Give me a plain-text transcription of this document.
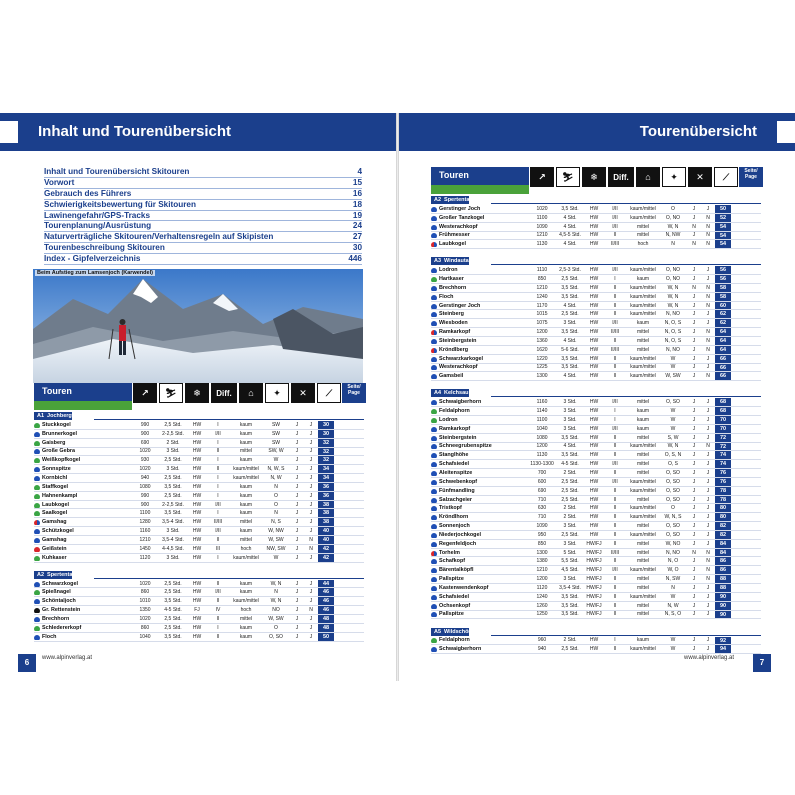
Inhalt und Tourenübersicht
Inhalt und Tourenübersicht Skitouren	4
Vorwort	15
Gebrauch des Führers	16
Schwierigkeitsbewertung für Skitouren	18
Lawinengefahr/GPS-Tracks	19
Tourenplanung/Ausrüstung	24
Naturverträgliche Skitouren/Verhaltensregeln auf Skipisten	27
Tourenbeschreibung Skitouren	30
Index - Gipfelverzeichnis	446
Beim Aufstieg zum Lamsenjoch (Karwendel)
Touren	↗	⛷	❄	Diff.	⌂	✦	✕	⟋
Seite/ Page
A1 Jochbergtal
Stuckkogel	990	2,5 Std.	HW	I	kaum	SW	J	J	30
Brunnerkogel	900	2-2,5 Std.	HW	I/II	kaum	SW	J	J	30
Gaisberg	690	2 Std.	HW	I	kaum	SW	J	J	32
Große Gebra	1020	3 Std.	HW	II	mittel	SW, W	J	J	32
Weißkopfkogel	930	2,5 Std.	HW	I	kaum	W	J	J	32
Sonnspitze	1020	3 Std.	HW	II	kaum/mittel	N, W, S	J	J	34
Kornbichl	940	2,5 Std.	HW	I	kaum/mittel	N, W	J	J	34
Staffkogel	1080	3,5 Std.	HW	I	kaum	N	J	J	36
Hahnenkampl	990	2,5 Std.	HW	I	kaum	O	J	J	36
Laubkogel	900	2-2,5 Std.	HW	I/II	kaum	O	J	J	38
Saalkogel	1100	3,5 Std.	HW	I	kaum	N	J	J	38
Gamshag	1280	3,5-4 Std.	HW	II/III	mittel	N, S	J	J	38
Schützkogel	1160	3 Std.	HW	I/II	kaum	W, NW	J	J	40
Gamshag	1210	3,5-4 Std.	HW	II	mittel	W, SW	J	N	40
Geißstein	1450	4-4,5 Std.	HW	III	hoch	NW, SW	J	N	42
Kuhkaser	1120	3 Std.	HW	I	kaum/mittel	W	J	J	42
A2 Spertental
Schwarzkogel	1020	2,5 Std.	HW	II	kaum	W, N	J	J	44
Spießnagel	860	2,5 Std.	HW	I/II	kaum	N	J	J	46
Schöntaljoch	1010	3,5 Std.	HW	II	kaum/mittel	W, N	J	J	46
Gr. Rettenstein	1350	4-5 Std.	FJ	IV	hoch	NO	J	N	46
Brechhorn	1020	2,5 Std.	HW	II	mittel	W, SW	J	J	48
Schledererkopf	860	2,5 Std.	HW	I	kaum	O	J	J	48
Floch	1040	3,5 Std.	HW	II	kaum	O, SO	J	J	50
6	www.alpinverlag.at
Tourenübersicht
Touren	↗	⛷	❄	Diff.	⌂	✦	✕	⟋
Seite/ Page
A2 Spertental
Gerstinger Joch	1020	3,5 Std.	HW	I/II	kaum/mittel	O	J	J	50
Großer Tanzkogel	1100	4 Std.	HW	I/II	kaum/mittel	O, NO	J	N	52
Westerachkopf	1090	4 Std.	HW	I/II	mittel	W, N	N	N	54
Frühmesser	1210	4,5-5 Std.	HW	II	mittel	N, NW	J	N	54
Laubkogel	1130	4 Std.	HW	II/III	hoch	N	N	N	54
A3 Windautal
Lodron	1110	2,5-3 Std.	HW	I/II	kaum/mittel	O, NO	J	J	56
Hartkaser	850	2,5 Std.	HW	I	kaum	O, NO	J	J	56
Brechhorn	1210	3,5 Std.	HW	II	kaum/mittel	W, N	N	N	58
Floch	1240	3,5 Std.	HW	II	kaum/mittel	W, N	J	N	58
Gerstinger Joch	1170	4 Std.	HW	II	kaum/mittel	W, N	J	N	60
Steinberg	1015	2,5 Std.	HW	II	kaum/mittel	N, NO	J	J	62
Wiesboden	1075	3 Std.	HW	I/II	kaum	N, O, S	J	J	62
Ramkarkopf	1200	3,5 Std.	HW	II/III	mittel	N, O, S	J	N	64
Steinbergstein	1360	4 Std.	HW	II	mittel	N, O, S	J	N	64
Kröndlberg	1620	5-6 Std.	HW	II/III	mittel	N, NO	J	N	64
Schwarzkarkogel	1220	3,5 Std.	HW	II	kaum/mittel	W	J	J	66
Westerachkopf	1225	3,5 Std.	HW	II	kaum/mittel	W	J	J	66
Gamsbeil	1300	4 Std.	HW	II	kaum/mittel	W, SW	J	N	66
A4 Kelchsau
Schwaigberhorn	1160	3 Std.	HW	I/II	mittel	O, SO	J	J	68
Feldalphorn	1140	3 Std.	HW	I	kaum	W	J	J	68
Lodron	1100	3 Std.	HW	I	kaum	W	J	J	70
Ramkarkopf	1040	3 Std.	HW	I/II	kaum	W	J	J	70
Steinbergstein	1080	3,5 Std.	HW	II	mittel	S, W	J	J	72
Schneegrubenspitze	1200	4 Std.	HW	II	kaum/mittel	W, N	J	N	72
Stanglhöhe	1130	3,5 Std.	HW	II	mittel	O, S, N	J	J	74
Schafsiedel	1130-1300	4-5 Std.	HW	I/II	mittel	O, S	J	J	74
Aleitenspitze	700	2 Std.	HW	II	mittel	O, SO	J	J	76
Schwebenkopf	600	2,5 Std.	HW	I/II	kaum/mittel	O, SO	J	J	76
Fünfmandling	690	2,5 Std.	HW	II	kaum/mittel	O, SO	J	J	78
Salzachgeier	710	2,5 Std.	HW	II	mittel	O, SO	J	J	78
Tristkopf	630	2 Std.	HW	II	kaum/mittel	O	J	J	80
Kröndlhorn	710	2 Std.	HW	II	kaum/mittel	W, N, S	J	J	80
Sonnenjoch	1090	3 Std.	HW	II	mittel	O, SO	J	J	82
Niederjochkogel	950	2,5 Std.	HW	II	kaum/mittel	O, SO	J	J	82
Regenfeldjoch	850	3 Std.	HW/FJ	II	mittel	W, NO	J	J	84
Torhelm	1300	5 Std.	HW/FJ	II/III	mittel	N, NO	N	N	84
Schafkopf	1380	5,5 Std.	HW/FJ	II	mittel	N, O	J	N	86
Bärentalköpfl	1210	4,5 Std.	HW/FJ	I/II	kaum/mittel	W, O	J	N	86
Pallspitze	1200	3 Std.	HW/FJ	II	mittel	N, SW	J	N	88
Kastenwendenkopf	1120	3,5-4 Std.	HW/FJ	II	mittel	N	J	J	88
Schafsiedel	1240	3,5 Std.	HW/FJ	II	kaum/mittel	W	J	J	90
Ochsenkopf	1260	3,5 Std.	HW/FJ	II	mittel	N, W	J	J	90
Pallspitze	1250	3,5 Std.	HW/FJ	II	mittel	N, S, O	J	J	90
A5 Wildschönau
Feldalphorn	960	2 Std.	HW	I	kaum	W	J	J	92
Schwaigberhorn	940	2,5 Std.	HW	II	kaum/mittel	W	J	J	94
www.alpinverlag.at	7
